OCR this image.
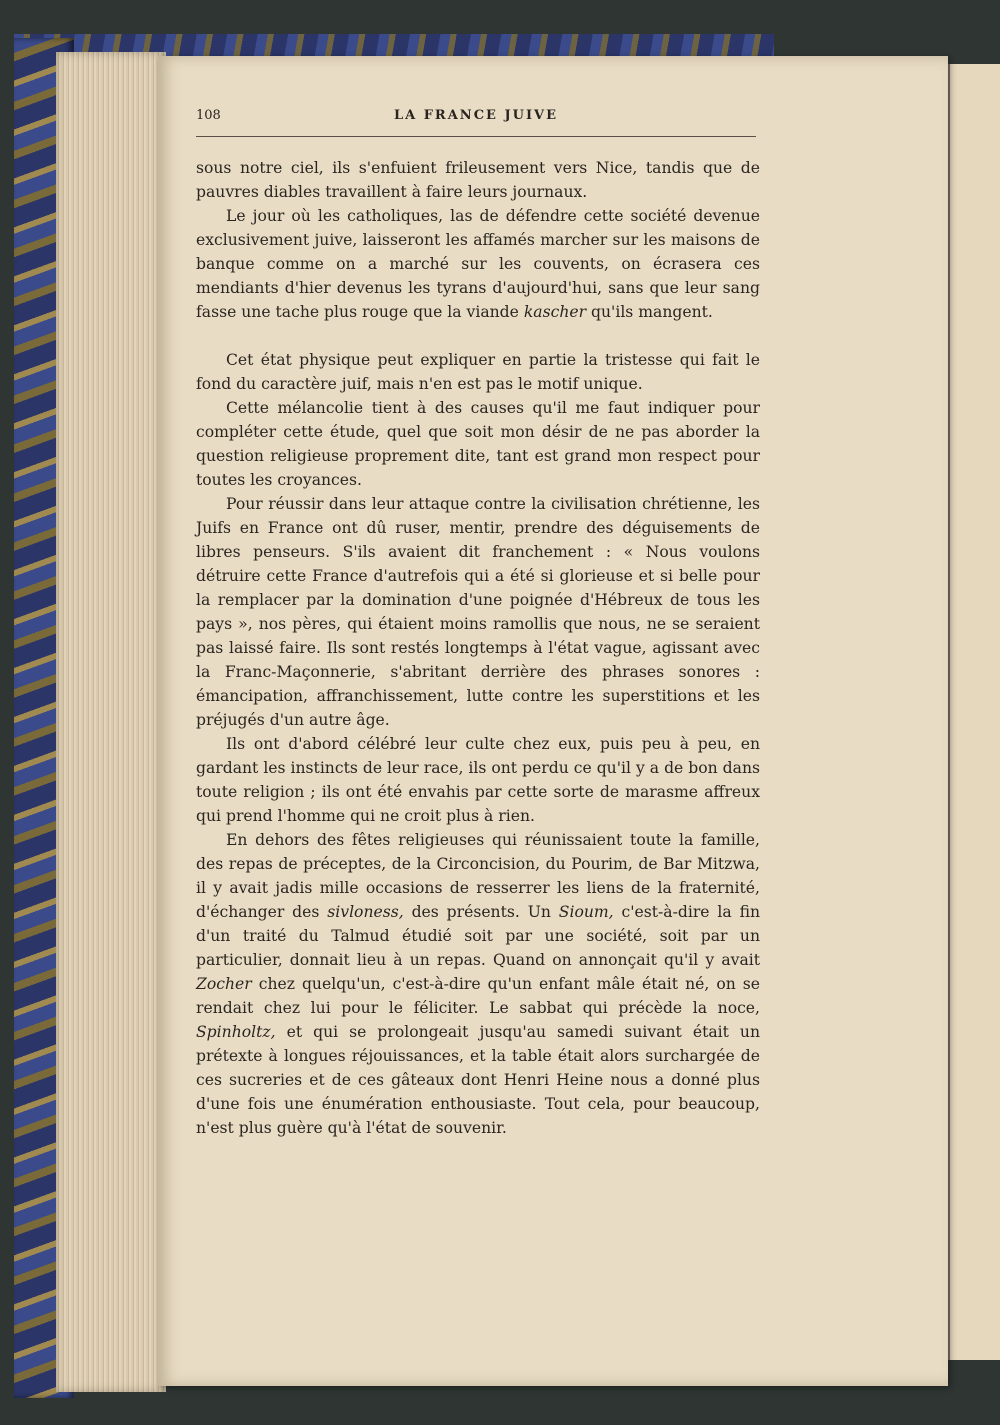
108	LA FRANCE JUIVE

sous notre ciel, ils s'enfuient frileusement vers Nice, tandis que de pauvres diables travaillent à faire leurs journaux.

Le jour où les catholiques, las de défendre cette société devenue exclusivement juive, laisseront les affamés marcher sur les maisons de banque comme on a marché sur les couvents, on écrasera ces mendiants d'hier devenus les tyrans d'aujourd'hui, sans que leur sang fasse une tache plus rouge que la viande kascher qu'ils mangent.

Cet état physique peut expliquer en partie la tristesse qui fait le fond du caractère juif, mais n'en est pas le motif unique.

Cette mélancolie tient à des causes qu'il me faut indiquer pour compléter cette étude, quel que soit mon désir de ne pas aborder la question religieuse proprement dite, tant est grand mon respect pour toutes les croyances.

Pour réussir dans leur attaque contre la civilisation chrétienne, les Juifs en France ont dû ruser, mentir, prendre des déguisements de libres penseurs. S'ils avaient dit franchement : « Nous voulons détruire cette France d'autrefois qui a été si glorieuse et si belle pour la remplacer par la domination d'une poignée d'Hébreux de tous les pays », nos pères, qui étaient moins ramollis que nous, ne se seraient pas laissé faire. Ils sont restés longtemps à l'état vague, agissant avec la Franc-Maçonnerie, s'abritant derrière des phrases sonores : émancipation, affranchissement, lutte contre les superstitions et les préjugés d'un autre âge.

Ils ont d'abord célébré leur culte chez eux, puis peu à peu, en gardant les instincts de leur race, ils ont perdu ce qu'il y a de bon dans toute religion ; ils ont été envahis par cette sorte de marasme affreux qui prend l'homme qui ne croit plus à rien.

En dehors des fêtes religieuses qui réunissaient toute la famille, des repas de préceptes, de la Circoncision, du Pourim, de Bar Mitzwa, il y avait jadis mille occasions de resserrer les liens de la fraternité, d'échanger des sivloness, des présents. Un Sioum, c'est-à-dire la fin d'un traité du Talmud étudié soit par une société, soit par un particulier, donnait lieu à un repas. Quand on annonçait qu'il y avait Zocher chez quelqu'un, c'est-à-dire qu'un enfant mâle était né, on se rendait chez lui pour le féliciter. Le sabbat qui précède la noce, Spinholtz, et qui se prolongeait jusqu'au samedi suivant était un prétexte à longues réjouissances, et la table était alors surchargée de ces sucreries et de ces gâteaux dont Henri Heine nous a donné plus d'une fois une énumération enthousiaste. Tout cela, pour beaucoup, n'est plus guère qu'à l'état de souvenir.
